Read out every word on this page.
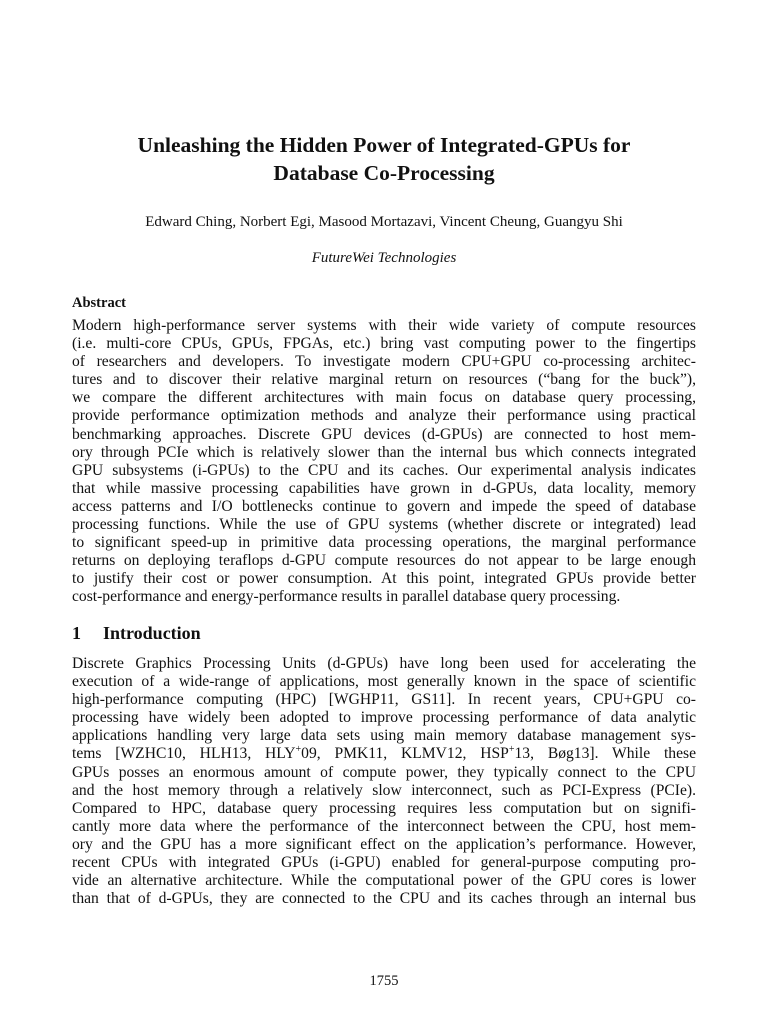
Unleashing the Hidden Power of Integrated-GPUs for
Database Co-Processing
Edward Ching, Norbert Egi, Masood Mortazavi, Vincent Cheung, Guangyu Shi
FutureWei Technologies
Abstract
Modern high-performance server systems with their wide variety of compute resources
(i.e. multi-core CPUs, GPUs, FPGAs, etc.) bring vast computing power to the fingertips
of researchers and developers. To investigate modern CPU+GPU co-processing architec-
tures and to discover their relative marginal return on resources (“bang for the buck”),
we compare the different architectures with main focus on database query processing,
provide performance optimization methods and analyze their performance using practical
benchmarking approaches. Discrete GPU devices (d-GPUs) are connected to host mem-
ory through PCIe which is relatively slower than the internal bus which connects integrated
GPU subsystems (i-GPUs) to the CPU and its caches. Our experimental analysis indicates
that while massive processing capabilities have grown in d-GPUs, data locality, memory
access patterns and I/O bottlenecks continue to govern and impede the speed of database
processing functions. While the use of GPU systems (whether discrete or integrated) lead
to significant speed-up in primitive data processing operations, the marginal performance
returns on deploying teraflops d-GPU compute resources do not appear to be large enough
to justify their cost or power consumption. At this point, integrated GPUs provide better
cost-performance and energy-performance results in parallel database query processing.
1 Introduction
Discrete Graphics Processing Units (d-GPUs) have long been used for accelerating the
execution of a wide-range of applications, most generally known in the space of scientific
high-performance computing (HPC) [WGHP11, GS11]. In recent years, CPU+GPU co-
processing have widely been adopted to improve processing performance of data analytic
applications handling very large data sets using main memory database management sys-
tems [WZHC10, HLH13, HLY+09, PMK11, KLMV12, HSP+13, Bøg13]. While these
GPUs posses an enormous amount of compute power, they typically connect to the CPU
and the host memory through a relatively slow interconnect, such as PCI-Express (PCIe).
Compared to HPC, database query processing requires less computation but on signifi-
cantly more data where the performance of the interconnect between the CPU, host mem-
ory and the GPU has a more significant effect on the application’s performance. However,
recent CPUs with integrated GPUs (i-GPU) enabled for general-purpose computing pro-
vide an alternative architecture. While the computational power of the GPU cores is lower
than that of d-GPUs, they are connected to the CPU and its caches through an internal bus
1755
